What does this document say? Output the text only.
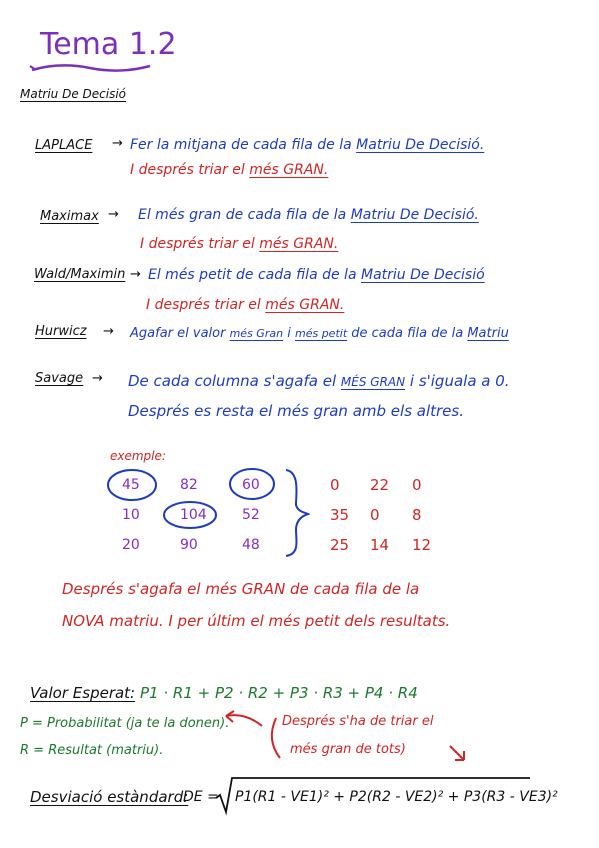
Tema 1.2
Matriu De Decisió
LAPLACE → Fer la mitjana de cada fila de la Matriu De Decisió.
I després triar el més GRAN.
Maximax → El més gran de cada fila de la Matriu De Decisió.
I després triar el més GRAN.
Wald/Maximin → El més petit de cada fila de la Matriu De Decisió
I després triar el més GRAN.
Hurwicz → Agafar el valor més Gran i més petit de cada fila de la Matriu
Savage → De cada columna s'agafa el MÉS GRAN i s'iguala a 0.
Després es resta el més gran amb els altres.
exemple:
45	82	60
10	104	52
20	90	48
0 22 0
35 0 8
25 14 12
Després s'agafa el més GRAN de cada fila de la
NOVA matriu. I per últim el més petit dels resultats.
Valor Esperat: P1 · R1 + P2 · R2 + P3 · R3 + P4 · R4
P = Probabilitat (ja te la donen).
R = Resultat (matriu).
Després s'ha de triar el
més gran de tots)
Desviació estàndard:
DE = P1(R1 - VE1)² + P2(R2 - VE2)² + P3(R3 - VE3)²
